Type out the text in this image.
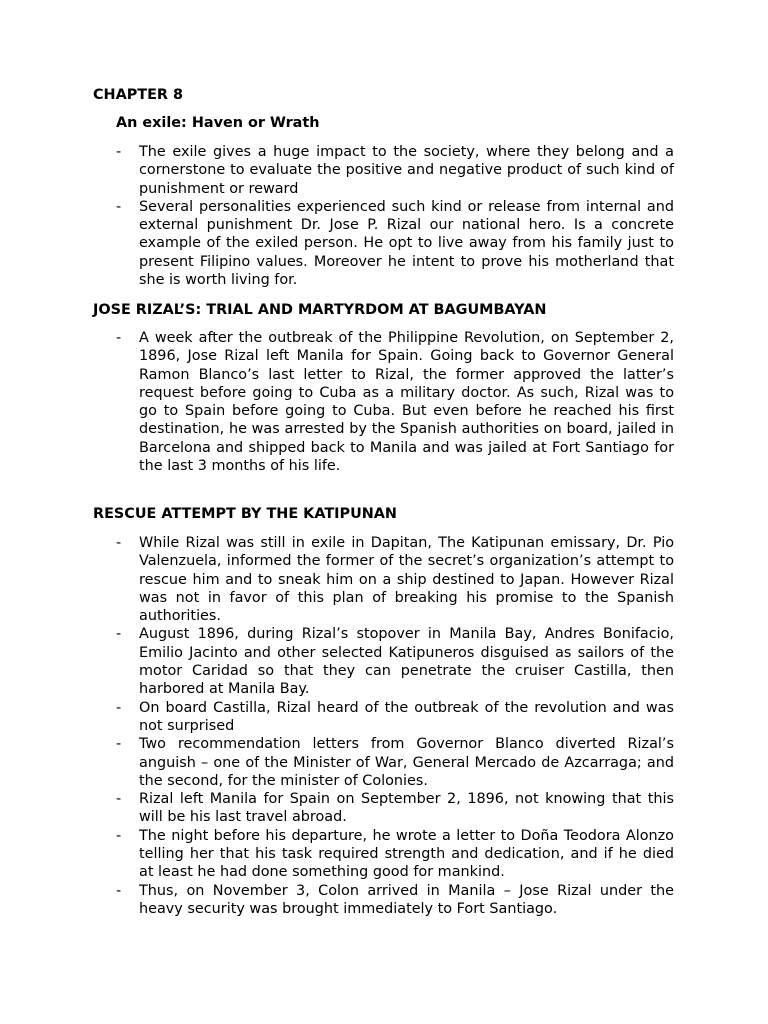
CHAPTER 8
An exile: Haven or Wrath
- The exile gives a huge impact to the society, where they belong and a cornerstone to evaluate the positive and negative product of such kind of punishment or reward
- Several personalities experienced such kind or release from internal and external punishment Dr. Jose P. Rizal our national hero. Is a concrete example of the exiled person. He opt to live away from his family just to present Filipino values. Moreover he intent to prove his motherland that she is worth living for.
JOSE RIZAL’S: TRIAL AND MARTYRDOM AT BAGUMBAYAN
- A week after the outbreak of the Philippine Revolution, on September 2, 1896, Jose Rizal left Manila for Spain. Going back to Governor General Ramon Blanco’s last letter to Rizal, the former approved the latter’s request before going to Cuba as a military doctor. As such, Rizal was to go to Spain before going to Cuba. But even before he reached his first destination, he was arrested by the Spanish authorities on board, jailed in Barcelona and shipped back to Manila and was jailed at Fort Santiago for the last 3 months of his life.
RESCUE ATTEMPT BY THE KATIPUNAN
- While Rizal was still in exile in Dapitan, The Katipunan emissary, Dr. Pio Valenzuela, informed the former of the secret’s organization’s attempt to rescue him and to sneak him on a ship destined to Japan. However Rizal was not in favor of this plan of breaking his promise to the Spanish authorities.
- August 1896, during Rizal’s stopover in Manila Bay, Andres Bonifacio, Emilio Jacinto and other selected Katipuneros disguised as sailors of the motor Caridad so that they can penetrate the cruiser Castilla, then harbored at Manila Bay.
- On board Castilla, Rizal heard of the outbreak of the revolution and was not surprised
- Two recommendation letters from Governor Blanco diverted Rizal’s anguish – one of the Minister of War, General Mercado de Azcarraga; and the second, for the minister of Colonies.
- Rizal left Manila for Spain on September 2, 1896, not knowing that this will be his last travel abroad.
- The night before his departure, he wrote a letter to Doña Teodora Alonzo telling her that his task required strength and dedication, and if he died at least he had done something good for mankind.
- Thus, on November 3, Colon arrived in Manila – Jose Rizal under the heavy security was brought immediately to Fort Santiago.
